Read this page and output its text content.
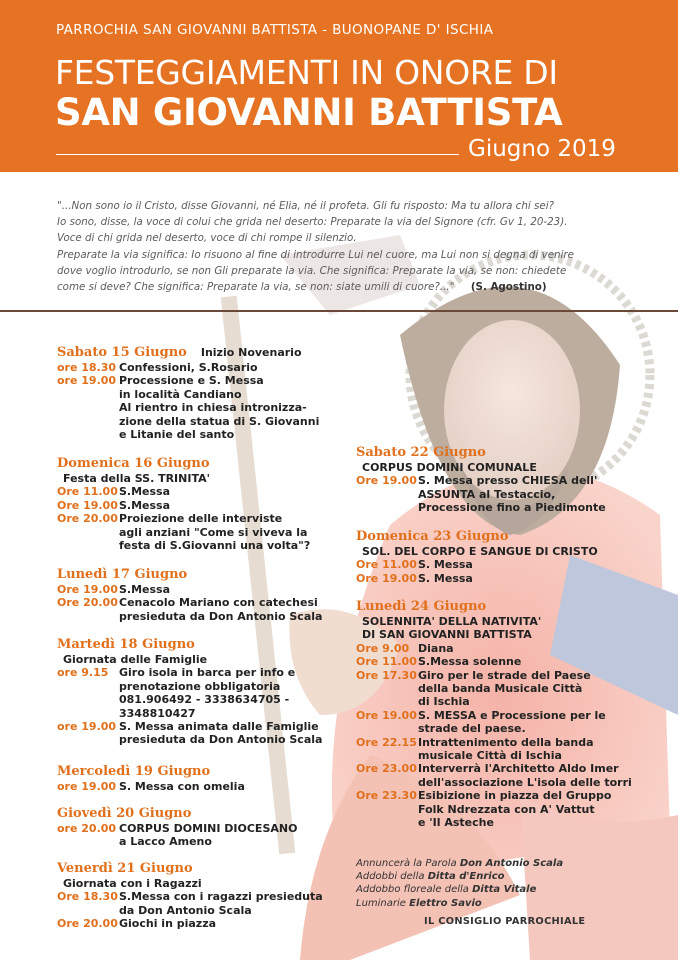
PARROCHIA SAN GIOVANNI BATTISTA - BUONOPANE D' ISCHIA
FESTEGGIAMENTI IN ONORE DI
SAN GIOVANNI BATTISTA
Giugno 2019
"...Non sono io il Cristo, disse Giovanni, né Elia, né il profeta. Gli fu risposto: Ma tu allora chi sei?
Io sono, disse, la voce di colui che grida nel deserto: Preparate la via del Signore (cfr. Gv 1, 20-23).
Voce di chi grida nel deserto, voce di chi rompe il silenzio.
Preparate la via significa: Io risuono al fine di introdurre Lui nel cuore, ma Lui non si degna di venire
dove voglio introdurlo, se non Gli preparate la via. Che significa: Preparate la via, se non: chiedete
come si deve? Che significa: Preparate la via, se non: siate umili di cuore?..." (S. Agostino)
Sabato 15 Giugno Inizio Novenario
ore 18.30 Confessioni, S.Rosario
ore 19.00 Processione e S. Messa
in località Candiano
Al rientro in chiesa intronizza-
zione della statua di S. Giovanni
e Litanie del santo
Domenica 16 Giugno
Festa della SS. TRINITA'
Ore 11.00 S.Messa
Ore 19.00 S.Messa
Ore 20.00 Proiezione delle interviste
agli anziani "Come si viveva la
festa di S.Giovanni una volta"?
Lunedì 17 Giugno
Ore 19.00 S.Messa
Ore 20.00 Cenacolo Mariano con catechesi
presieduta da Don Antonio Scala
Martedì 18 Giugno
Giornata delle Famiglie
ore 9.15 Giro isola in barca per info e
prenotazione obbligatoria
081.906492 - 3338634705 -
3348810427
ore 19.00 S. Messa animata dalle Famiglie
presieduta da Don Antonio Scala
Mercoledì 19 Giugno
ore 19.00 S. Messa con omelia
Giovedì 20 Giugno
ore 20.00 CORPUS DOMINI DIOCESANO
a Lacco Ameno
Venerdì 21 Giugno
Giornata con i Ragazzi
Ore 18.30 S.Messa con i ragazzi presieduta
da Don Antonio Scala
Ore 20.00 Giochi in piazza
Sabato 22 Giugno
CORPUS DOMINI COMUNALE
Ore 19.00 S. Messa presso CHIESA dell'
ASSUNTA al Testaccio,
Processione fino a Piedimonte
Domenica 23 Giugno
SOL. DEL CORPO E SANGUE DI CRISTO
Ore 11.00 S. Messa
Ore 19.00 S. Messa
Lunedì 24 Giugno
SOLENNITA' DELLA NATIVITA'
DI SAN GIOVANNI BATTISTA
Ore 9.00 Diana
Ore 11.00 S.Messa solenne
Ore 17.30 Giro per le strade del Paese
della banda Musicale Città
di Ischia
Ore 19.00 S. MESSA e Processione per le
strade del paese.
Ore 22.15 Intrattenimento della banda
musicale Città di Ischia
Ore 23.00 Interverrà l'Architetto Aldo Imer
dell'associazione L'isola delle torri
Ore 23.30 Esibizione in piazza del Gruppo
Folk Ndrezzata con A' Vattut
e 'Il Asteche
Annuncerà la Parola Don Antonio Scala
Addobbi della Ditta d'Enrico
Addobbo floreale della Ditta Vitale
Luminarie Elettro Savio
IL CONSIGLIO PARROCHIALE
